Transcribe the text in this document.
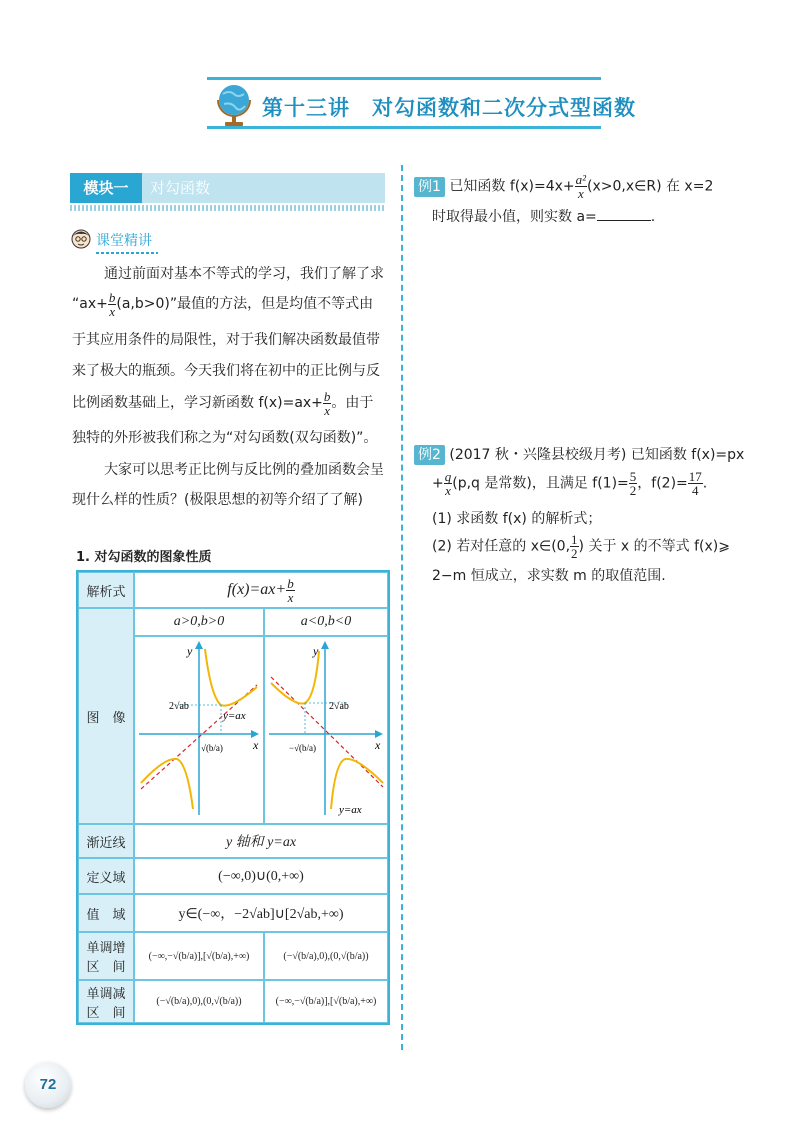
第十三讲　对勾函数和二次分式型函数
模块一	对勾函数
课堂精讲
通过前面对基本不等式的学习，我们了解了求
“$ax+ \frac{b}{x} (a,b>0)$”最值的方法，但是均值不等式由
于其应用条件的局限性，对于我们解决函数最值带
来了极大的瓶颈。今天我们将在初中的正比例与反
比例函数基础上，学习新函数 $f(x)=ax+ \frac{b}{x}$ 。由于
独特的外形被我们称之为“对勾函数(双勾函数)”。
大家可以思考正比例与反比例的叠加函数会呈
现什么样的性质？(极限思想的初等介绍了了解)
1. 对勾函数的图象性质
解析式	$f(x)=ax+ \frac{b}{x}$
图　像
a>0,b>0	a<0,b<0
y
x
2√ab
y=ax
√(b/a)
y
x
2√ab
y=ax
−√(b/a)
渐近线	y 轴和 y=ax
定义域	(−∞,0)∪(0,+∞)
值　域	y∈(−∞，−2√ab]∪[2√ab,+∞)
单调增
区　间
(−∞,−√(b/a)],[√(b/a),+∞)	(−√(b/a),0),(0,√(b/a))
单调减
区　间
(−√(b/a),0),(0,√(b/a))	(−∞,−√(b/a)],[√(b/a),+∞)
例1 已知函数 $f(x)=4x+ \frac{\text{a²}}{x}$ (x>0,x∈R) 在 x=2
时取得最小值，则实数 a=	.
例2 (2017 秋・兴隆县校级月考) 已知函数 f(x)=px
+ $\frac{q}{x} (p,q$ 是常数)，且满足 $f(1)= \frac{5}{2}$ ，$f(2)= \frac{17}{4}$ .
(1) 求函数 f(x) 的解析式；
(2) 若对任意的 x∈(0, $\frac{1}{2}$ ) 关于 x 的不等式 f(x)⩾
2−m 恒成立，求实数 m 的取值范围.
72
